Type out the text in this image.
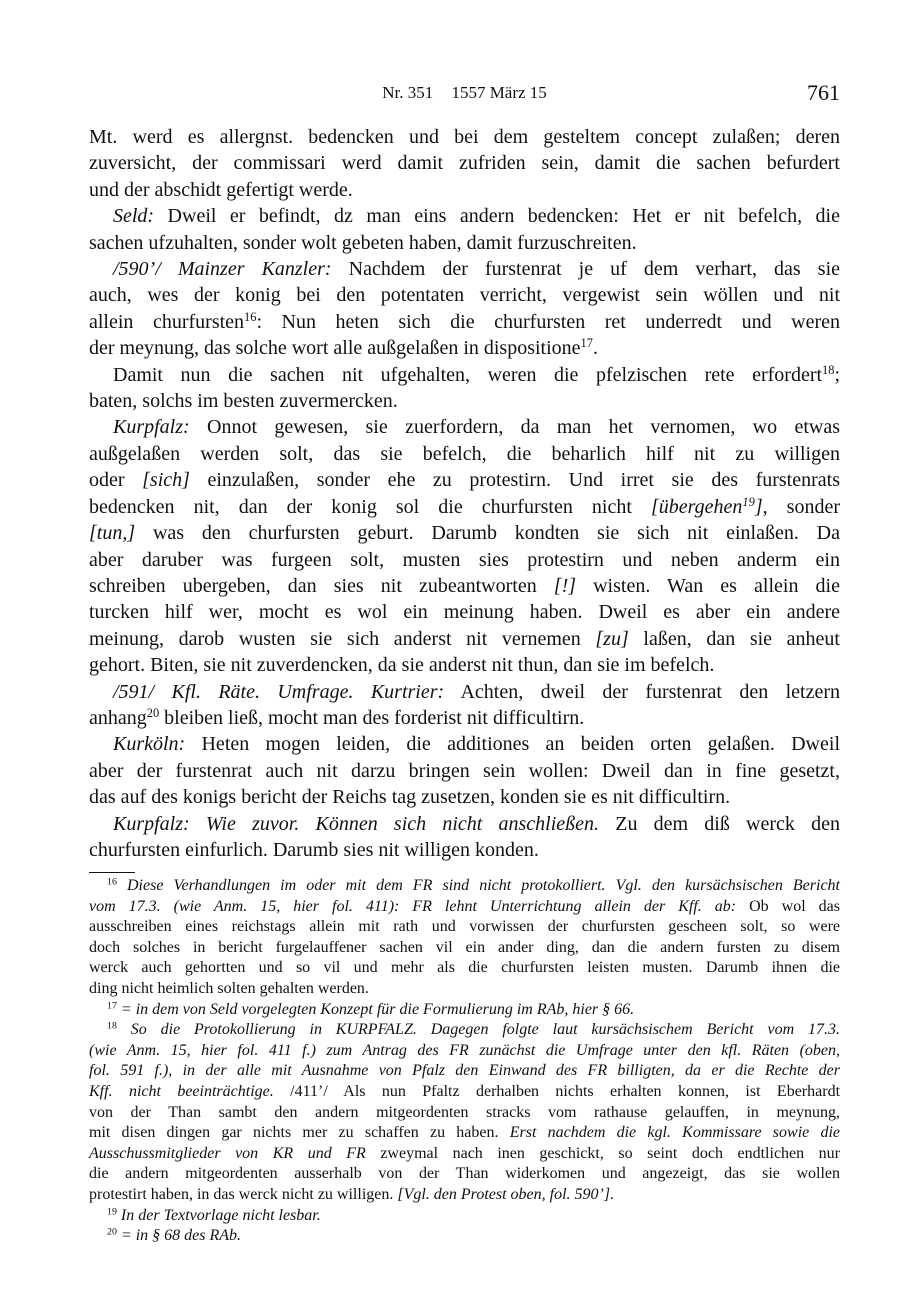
Nr. 351 1557 März 15	761
Mt. werd es allergnst. bedencken und bei dem gesteltem concept zulaßen; deren
zuversicht, der commissari werd damit zufriden sein, damit die sachen befurdert
und der abschidt gefertigt werde.
Seld: Dweil er befindt, dz man eins andern bedencken: Het er nit befelch, die
sachen ufzuhalten, sonder wolt gebeten haben, damit furzuschreiten.
/590’/ Mainzer Kanzler: Nachdem der furstenrat je uf dem verhart, das sie
auch, wes der konig bei den potentaten verricht, vergewist sein wöllen und nit
allein churfursten$^{16}$: Nun heten sich die churfursten ret underredt und weren
der meynung, das solche wort alle außgelaßen in dispositione$^{17}$.
Damit nun die sachen nit ufgehalten, weren die pfelzischen rete erfordert$^{18}$;
baten, solchs im besten zuvermercken.
Kurpfalz: Onnot gewesen, sie zuerfordern, da man het vernomen, wo etwas
außgelaßen werden solt, das sie befelch, die beharlich hilf nit zu willigen
oder [sich] einzulaßen, sonder ehe zu protestirn. Und irret sie des furstenrats
bedencken nit, dan der konig sol die churfursten nicht [übergehen$^{19}$], sonder
[tun,] was den churfursten geburt. Darumb kondten sie sich nit einlaßen. Da
aber daruber was furgeen solt, musten sies protestirn und neben anderm ein
schreiben ubergeben, dan sies nit zubeantworten [!] wisten. Wan es allein die
turcken hilf wer, mocht es wol ein meinung haben. Dweil es aber ein andere
meinung, darob wusten sie sich anderst nit vernemen [zu] laßen, dan sie anheut
gehort. Biten, sie nit zuverdencken, da sie anderst nit thun, dan sie im befelch.
/591/ Kfl. Räte. Umfrage. Kurtrier: Achten, dweil der furstenrat den letzern
anhang$^{20}$ bleiben ließ, mocht man des forderist nit difficultirn.
Kurköln: Heten mogen leiden, die additiones an beiden orten gelaßen. Dweil
aber der furstenrat auch nit darzu bringen sein wollen: Dweil dan in fine gesetzt,
das auf des konigs bericht der Reichs tag zusetzen, konden sie es nit difficultirn.
Kurpfalz: Wie zuvor. Können sich nicht anschließen. Zu dem diß werck den
churfursten einfurlich. Darumb sies nit willigen konden.
$^{16}$ Diese Verhandlungen im oder mit dem FR sind nicht protokolliert. Vgl. den kursächsischen Bericht
vom 17.3. (wie Anm. 15, hier fol. 411): FR lehnt Unterrichtung allein der Kff. ab: Ob wol das
ausschreiben eines reichstags allein mit rath und vorwissen der churfursten gescheen solt, so were
doch solches in bericht furgelauffener sachen vil ein ander ding, dan die andern fursten zu disem
werck auch gehortten und so vil und mehr als die churfursten leisten musten. Darumb ihnen die
ding nicht heimlich solten gehalten werden.
$^{17}$ = in dem von Seld vorgelegten Konzept für die Formulierung im RAb, hier § 66.
$^{18}$ So die Protokollierung in KURPFALZ. Dagegen folgte laut kursächsischem Bericht vom 17.3.
(wie Anm. 15, hier fol. 411 f.) zum Antrag des FR zunächst die Umfrage unter den kfl. Räten (oben,
fol. 591 f.), in der alle mit Ausnahme von Pfalz den Einwand des FR billigten, da er die Rechte der
Kff. nicht beeinträchtige. /411’/ Als nun Pfaltz derhalben nichts erhalten konnen, ist Eberhardt
von der Than sambt den andern mitgeordenten stracks vom rathause gelauffen, in meynung,
mit disen dingen gar nichts mer zu schaffen zu haben. Erst nachdem die kgl. Kommissare sowie die
Ausschussmitglieder von KR und FR zweymal nach inen geschickt, so seint doch endtlichen nur
die andern mitgeordenten ausserhalb von der Than widerkomen und angezeigt, das sie wollen
protestirt haben, in das werck nicht zu willigen. [Vgl. den Protest oben, fol. 590’].
$^{19}$ In der Textvorlage nicht lesbar.
$^{20}$ = in § 68 des RAb.
